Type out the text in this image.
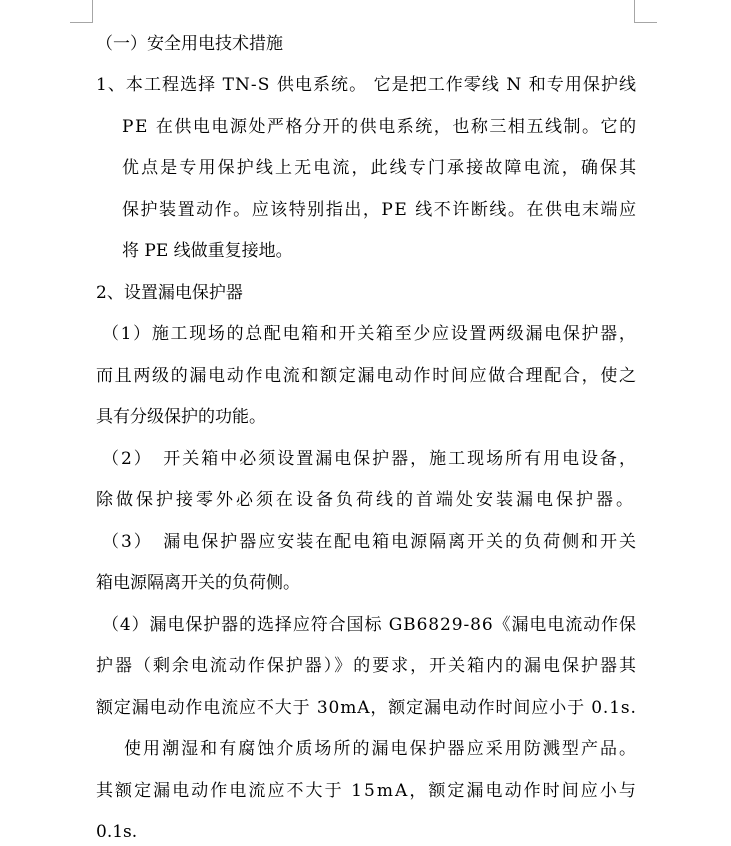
（一）安全用电技术措施
1、本工程选择 TN-S 供电系统。 它是把工作零线 N 和专用保护线
PE 在供电电源处严格分开的供电系统，也称三相五线制。它的
优点是专用保护线上无电流，此线专门承接故障电流，确保其
保护装置动作。应该特别指出，PE 线不许断线。在供电末端应
将 PE 线做重复接地。
2、设置漏电保护器
（1）施工现场的总配电箱和开关箱至少应设置两级漏电保护器，
而且两级的漏电动作电流和额定漏电动作时间应做合理配合，使之
具有分级保护的功能。
（2）　开关箱中必须设置漏电保护器，施工现场所有用电设备，
除做保护接零外必须在设备负荷线的首端处安装漏电保护器。
（3）　漏电保护器应安装在配电箱电源隔离开关的负荷侧和开关
箱电源隔离开关的负荷侧。
（4）漏电保护器的选择应符合国标 GB6829-86《漏电电流动作保
护器（剩余电流动作保护器）》的要求，开关箱内的漏电保护器其
额定漏电动作电流应不大于 30mA，额定漏电动作时间应小于 0.1s.
使用潮湿和有腐蚀介质场所的漏电保护器应采用防溅型产品。
其额定漏电动作电流应不大于 15mA，额定漏电动作时间应小与
0.1s.
